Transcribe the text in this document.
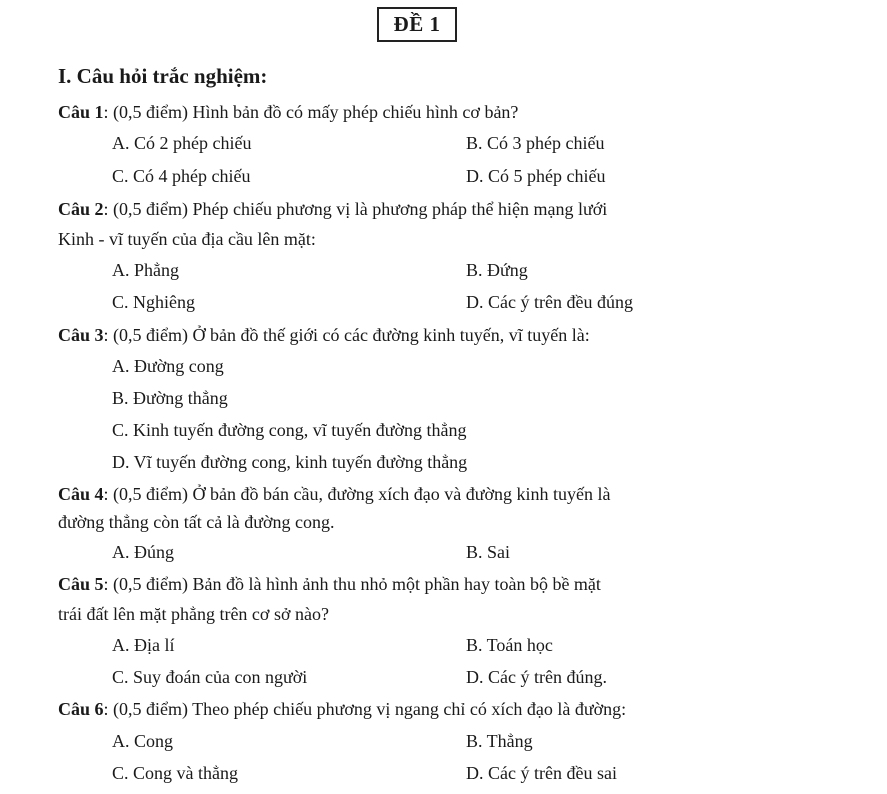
ĐỀ 1
I. Câu hỏi trắc nghiệm:
Câu 1: (0,5 điểm) Hình bản đồ có mấy phép chiếu hình cơ bản?
A. Có 2 phép chiếu	B. Có 3 phép chiếu
C. Có 4 phép chiếu	D. Có 5 phép chiếu
Câu 2: (0,5 điểm) Phép chiếu phương vị là phương pháp thể hiện mạng lưới
Kinh - vĩ tuyến của địa cầu lên mặt:
A. Phẳng	B. Đứng
C. Nghiêng	D. Các ý trên đều đúng
Câu 3: (0,5 điểm) Ở bản đồ thế giới có các đường kinh tuyến, vĩ tuyến là:
A. Đường cong
B. Đường thẳng
C. Kinh tuyến đường cong, vĩ tuyến đường thẳng
D. Vĩ tuyến đường cong, kinh tuyến đường thẳng
Câu 4: (0,5 điểm) Ở bản đồ bán cầu, đường xích đạo và đường kinh tuyến là
đường thẳng còn tất cả là đường cong.
A. Đúng	B. Sai
Câu 5: (0,5 điểm) Bản đồ là hình ảnh thu nhỏ một phần hay toàn bộ bề mặt
trái đất lên mặt phẳng trên cơ sở nào?
A. Địa lí	B. Toán học
C. Suy đoán của con người	D. Các ý trên đúng.
Câu 6: (0,5 điểm) Theo phép chiếu phương vị ngang chỉ có xích đạo là đường:
A. Cong	B. Thẳng
C. Cong và thẳng	D. Các ý trên đều sai
